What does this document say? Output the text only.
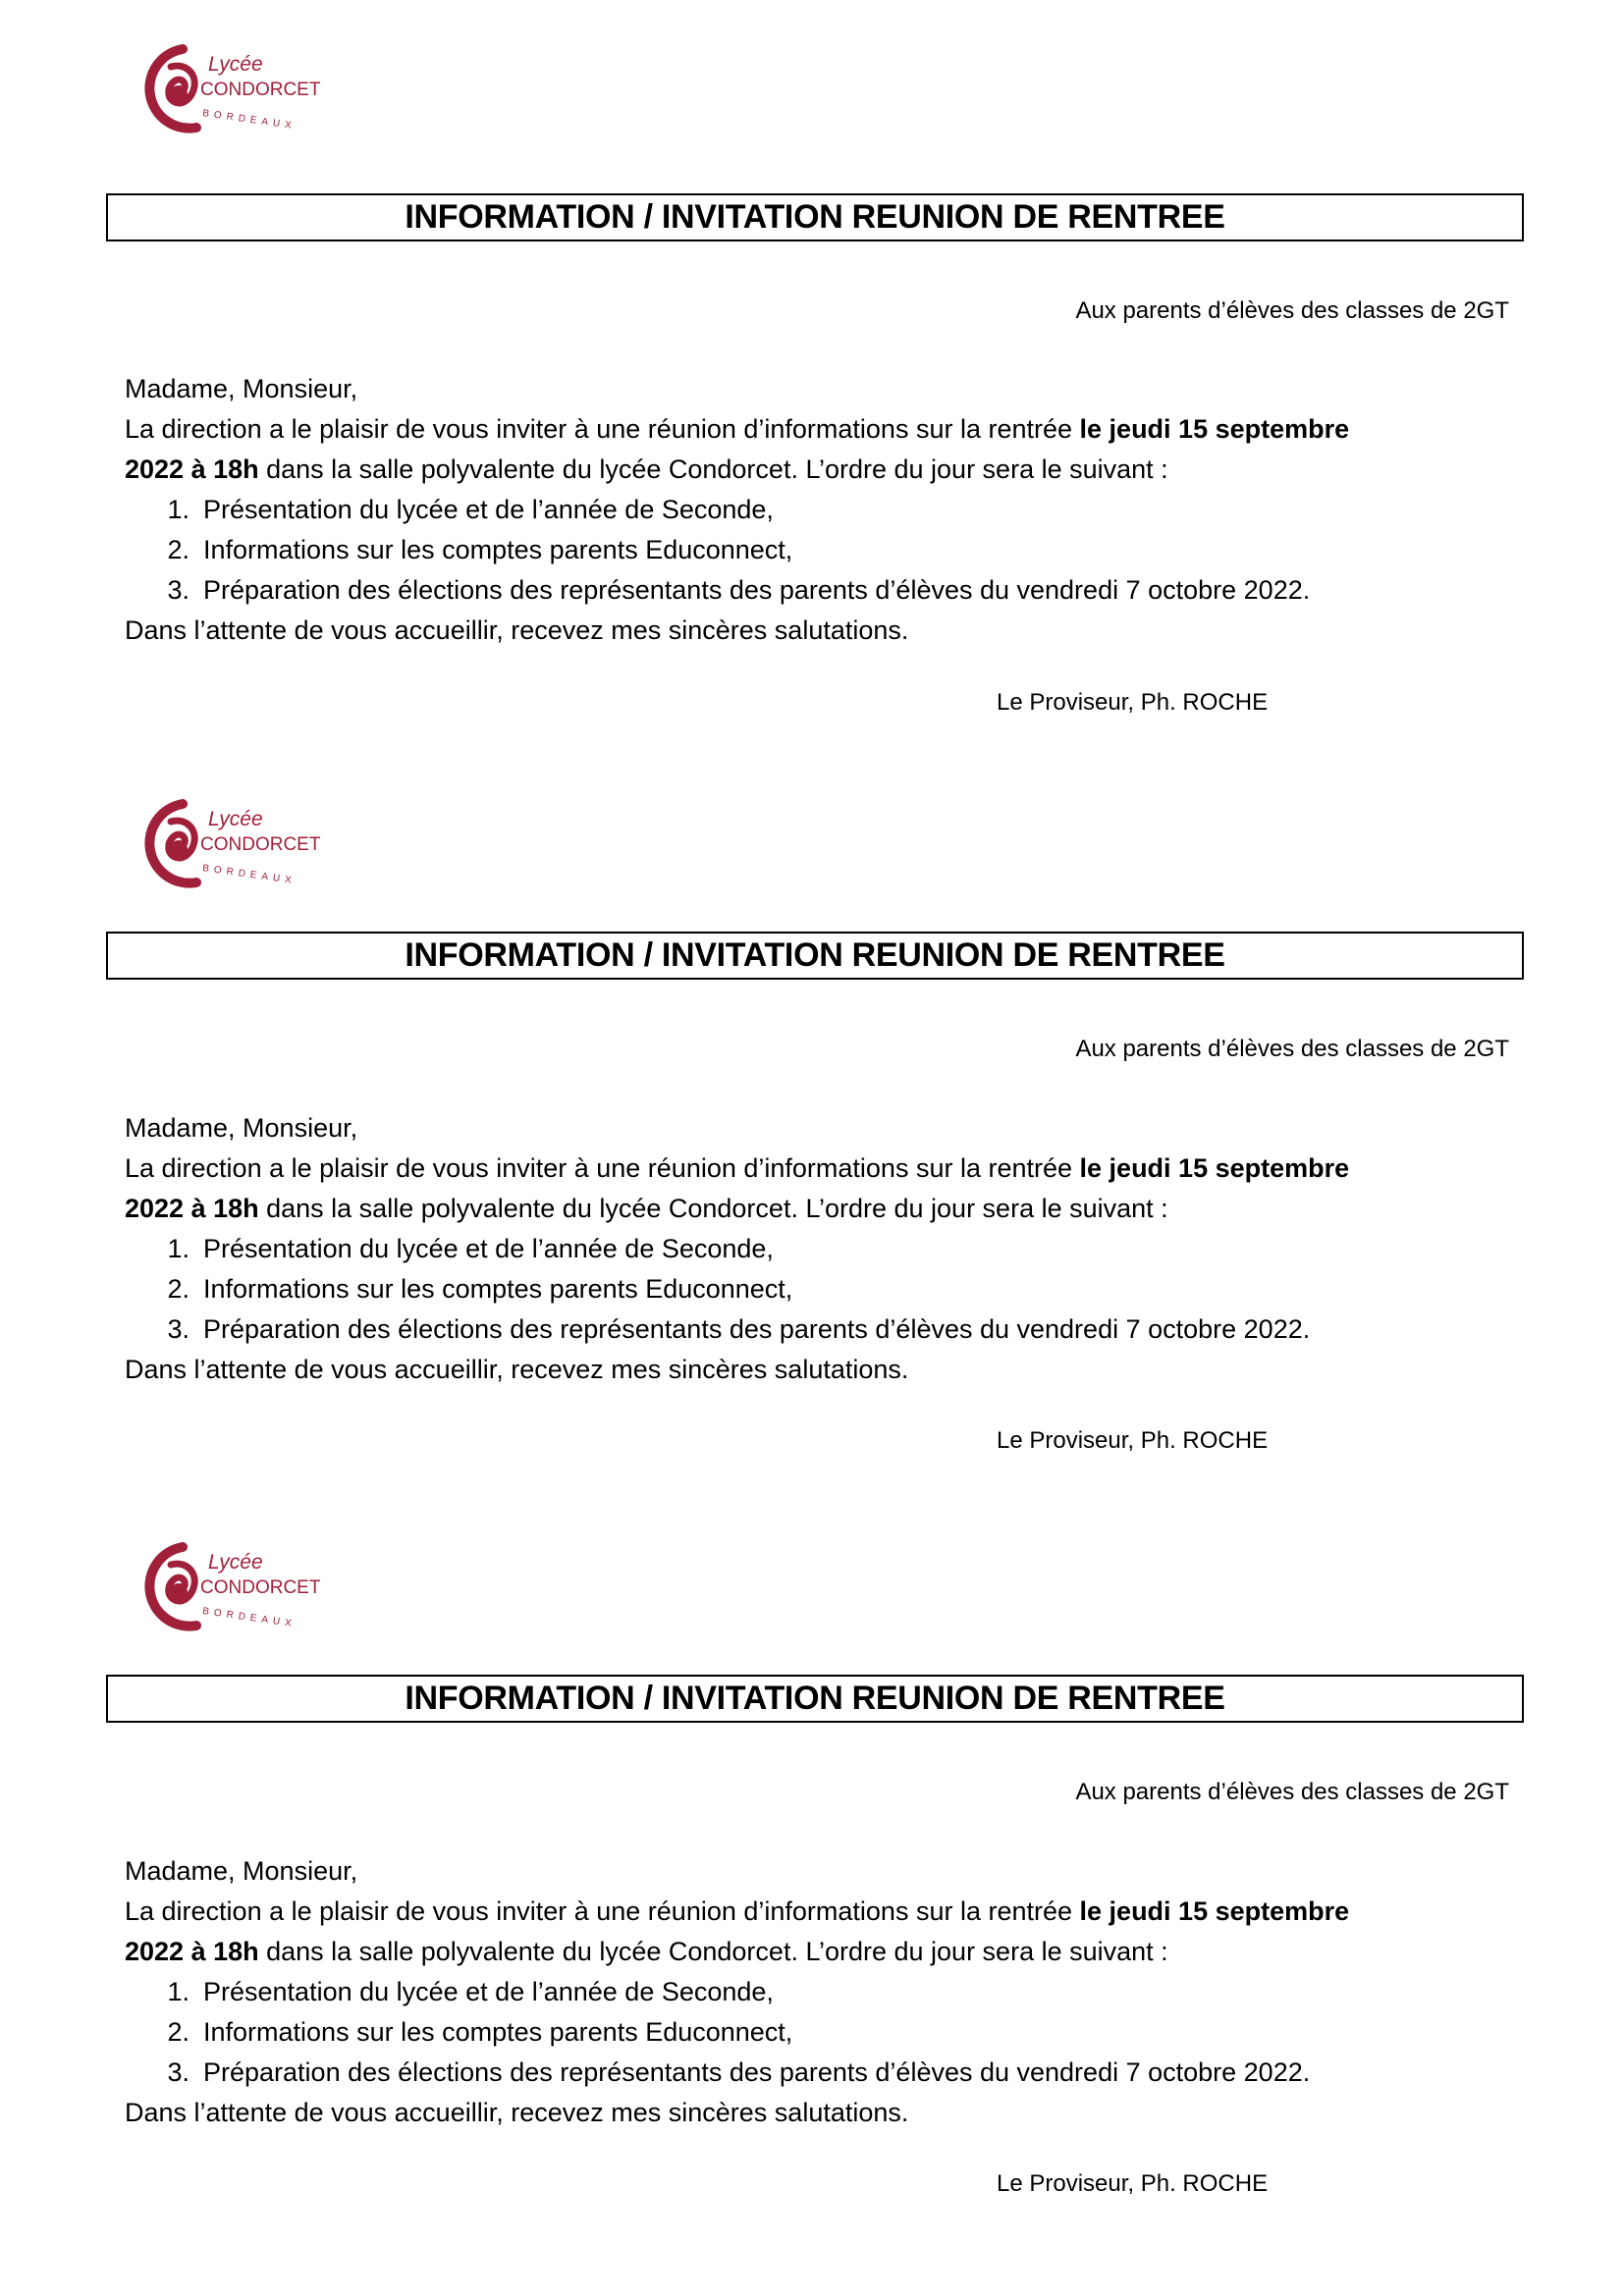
Lycée
CONDORCET
BORDEAUX
INFORMATION / INVITATION REUNION DE RENTREE
Aux parents d’élèves des classes de 2GT
Madame, Monsieur,
La direction a le plaisir de vous inviter à une réunion d’informations sur la rentrée le jeudi 15 septembre
2022 à 18h dans la salle polyvalente du lycée Condorcet. L’ordre du jour sera le suivant :
1. Présentation du lycée et de l’année de Seconde,
2. Informations sur les comptes parents Educonnect,
3. Préparation des élections des représentants des parents d’élèves du vendredi 7 octobre 2022.
Dans l’attente de vous accueillir, recevez mes sincères salutations.
Le Proviseur, Ph. ROCHE
Lycée
CONDORCET
BORDEAUX
INFORMATION / INVITATION REUNION DE RENTREE
Aux parents d’élèves des classes de 2GT
Madame, Monsieur,
La direction a le plaisir de vous inviter à une réunion d’informations sur la rentrée le jeudi 15 septembre
2022 à 18h dans la salle polyvalente du lycée Condorcet. L’ordre du jour sera le suivant :
1. Présentation du lycée et de l’année de Seconde,
2. Informations sur les comptes parents Educonnect,
3. Préparation des élections des représentants des parents d’élèves du vendredi 7 octobre 2022.
Dans l’attente de vous accueillir, recevez mes sincères salutations.
Le Proviseur, Ph. ROCHE
Lycée
CONDORCET
BORDEAUX
INFORMATION / INVITATION REUNION DE RENTREE
Aux parents d’élèves des classes de 2GT
Madame, Monsieur,
La direction a le plaisir de vous inviter à une réunion d’informations sur la rentrée le jeudi 15 septembre
2022 à 18h dans la salle polyvalente du lycée Condorcet. L’ordre du jour sera le suivant :
1. Présentation du lycée et de l’année de Seconde,
2. Informations sur les comptes parents Educonnect,
3. Préparation des élections des représentants des parents d’élèves du vendredi 7 octobre 2022.
Dans l’attente de vous accueillir, recevez mes sincères salutations.
Le Proviseur, Ph. ROCHE
